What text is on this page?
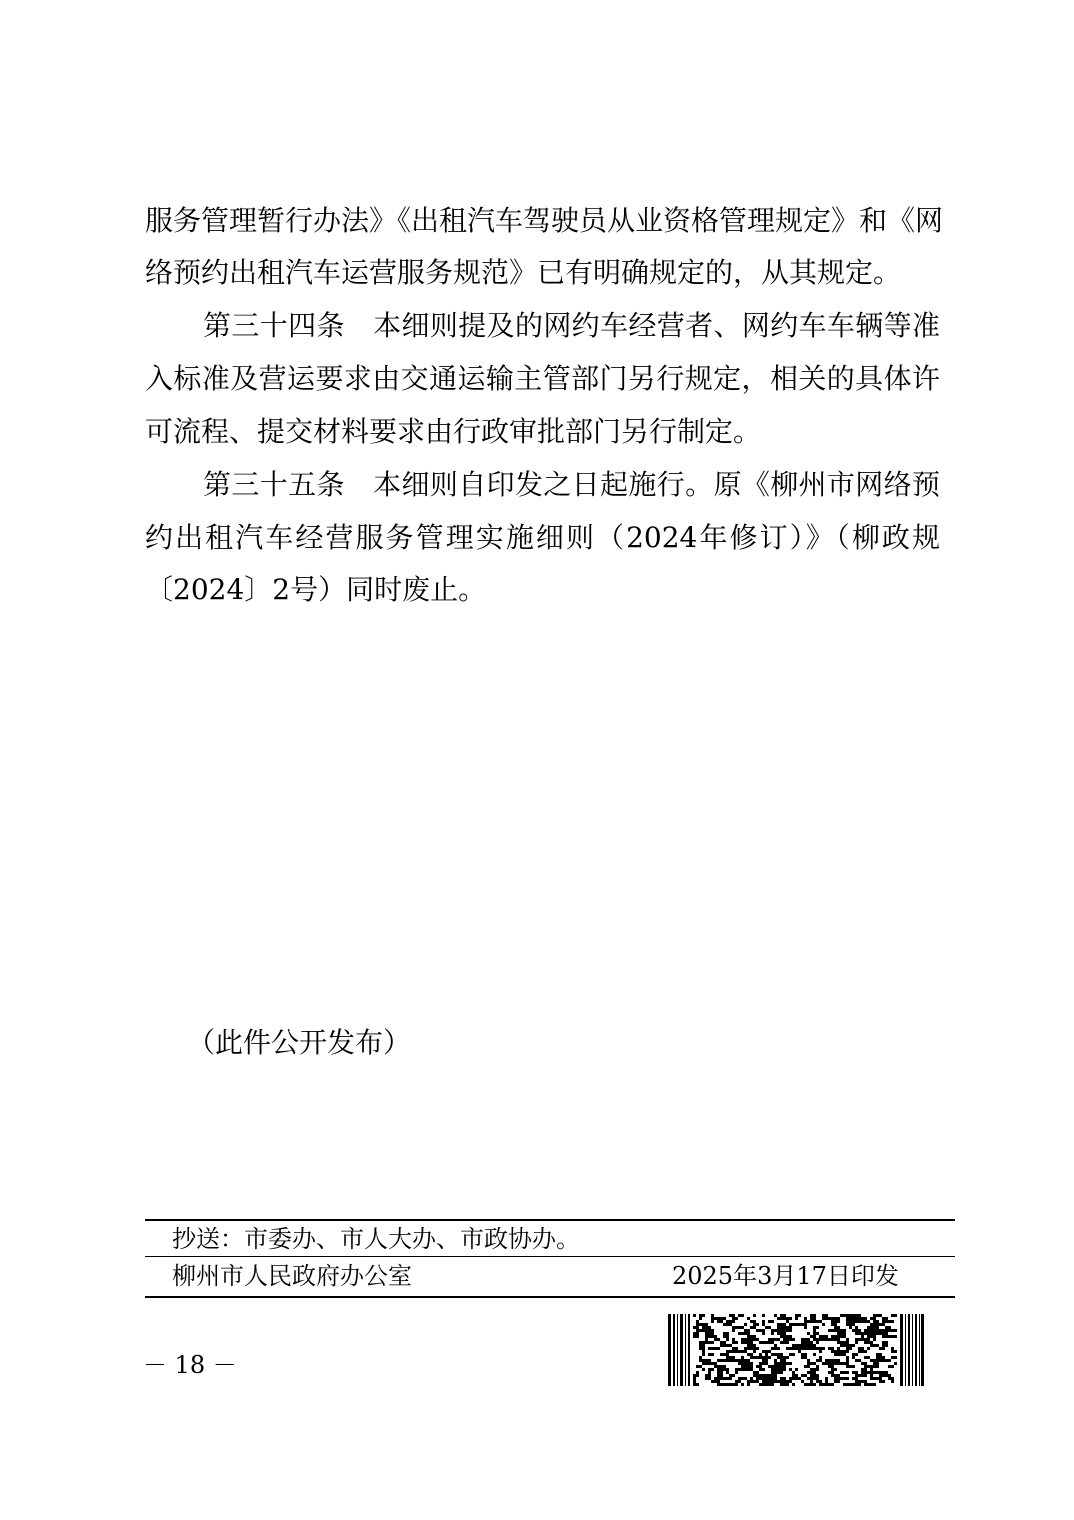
服务管理暂行办法》《出租汽车驾驶员从业资格管理规定》和《网
络预约出租汽车运营服务规范》已有明确规定的，从其规定。
第三十四条　本细则提及的网约车经营者、网约车车辆等准
入标准及营运要求由交通运输主管部门另行规定，相关的具体许
可流程、提交材料要求由行政审批部门另行制定。
第三十五条　本细则自印发之日起施行。原《柳州市网络预
约出租汽车经营服务管理实施细则（2024年修订）》（柳政规
〔2024〕2号）同时废止。
（此件公开发布）
抄送：市委办、市人大办、市政协办。
柳州市人民政府办公室	2025年3月17日印发
－ 18 －
